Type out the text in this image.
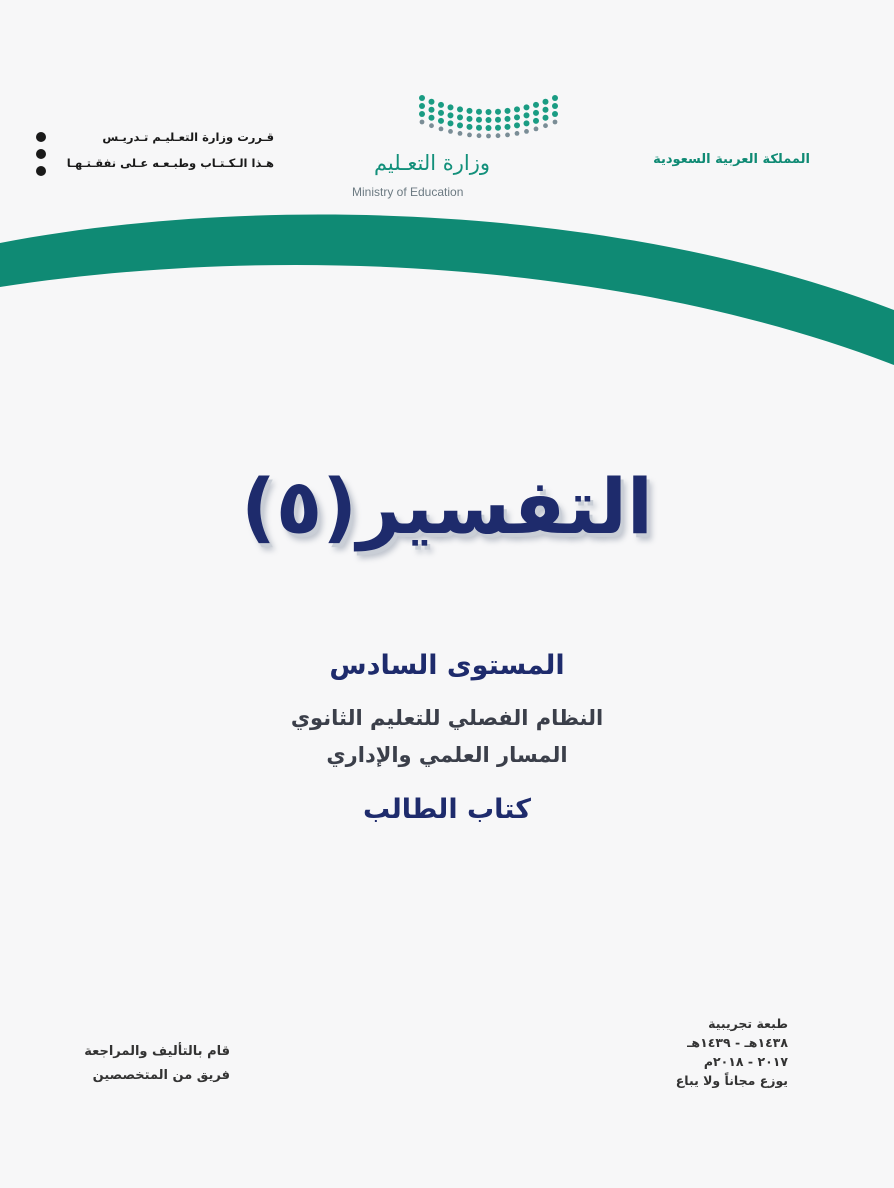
المملكة العربية السعودية
وزارة التعـليم
Ministry of Education
قـررت وزارة التعـليـم تـدريـس
هـذا الـكـتـاب وطبـعـه عـلى نفقـتـهـا
التفسير(٥)
المستوى السادس
النظام الفصلي للتعليم الثانوي
المسار العلمي والإداري
كتاب الطالب
قام بالتأليف والمراجعة
فريق من المتخصصين
طبعة تجريبية
١٤٣٨هـ - ١٤٣٩هـ
٢٠١٧ - ٢٠١٨م
يوزع مجاناً ولا يباع
